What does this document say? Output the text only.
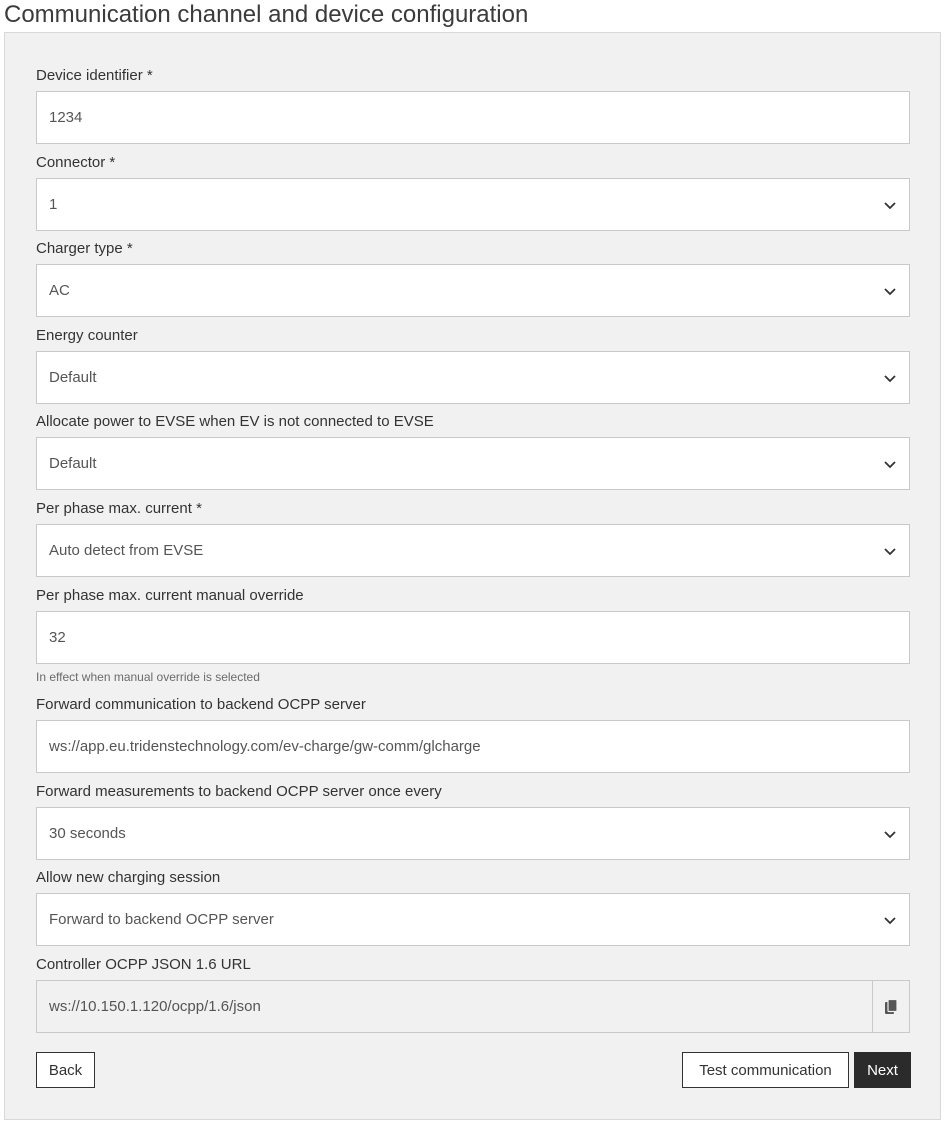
Communication channel and device configuration
Device identifier *
1234
Connector *
1
Charger type *
AC
Energy counter
Default
Allocate power to EVSE when EV is not connected to EVSE
Default
Per phase max. current *
Auto detect from EVSE
Per phase max. current manual override
32
In effect when manual override is selected
Forward communication to backend OCPP server
ws://app.eu.tridenstechnology.com/ev-charge/gw-comm/glcharge
Forward measurements to backend OCPP server once every
30 seconds
Allow new charging session
Forward to backend OCPP server
Controller OCPP JSON 1.6 URL
ws://10.150.1.120/ocpp/1.6/json
Back	Test communication	Next
